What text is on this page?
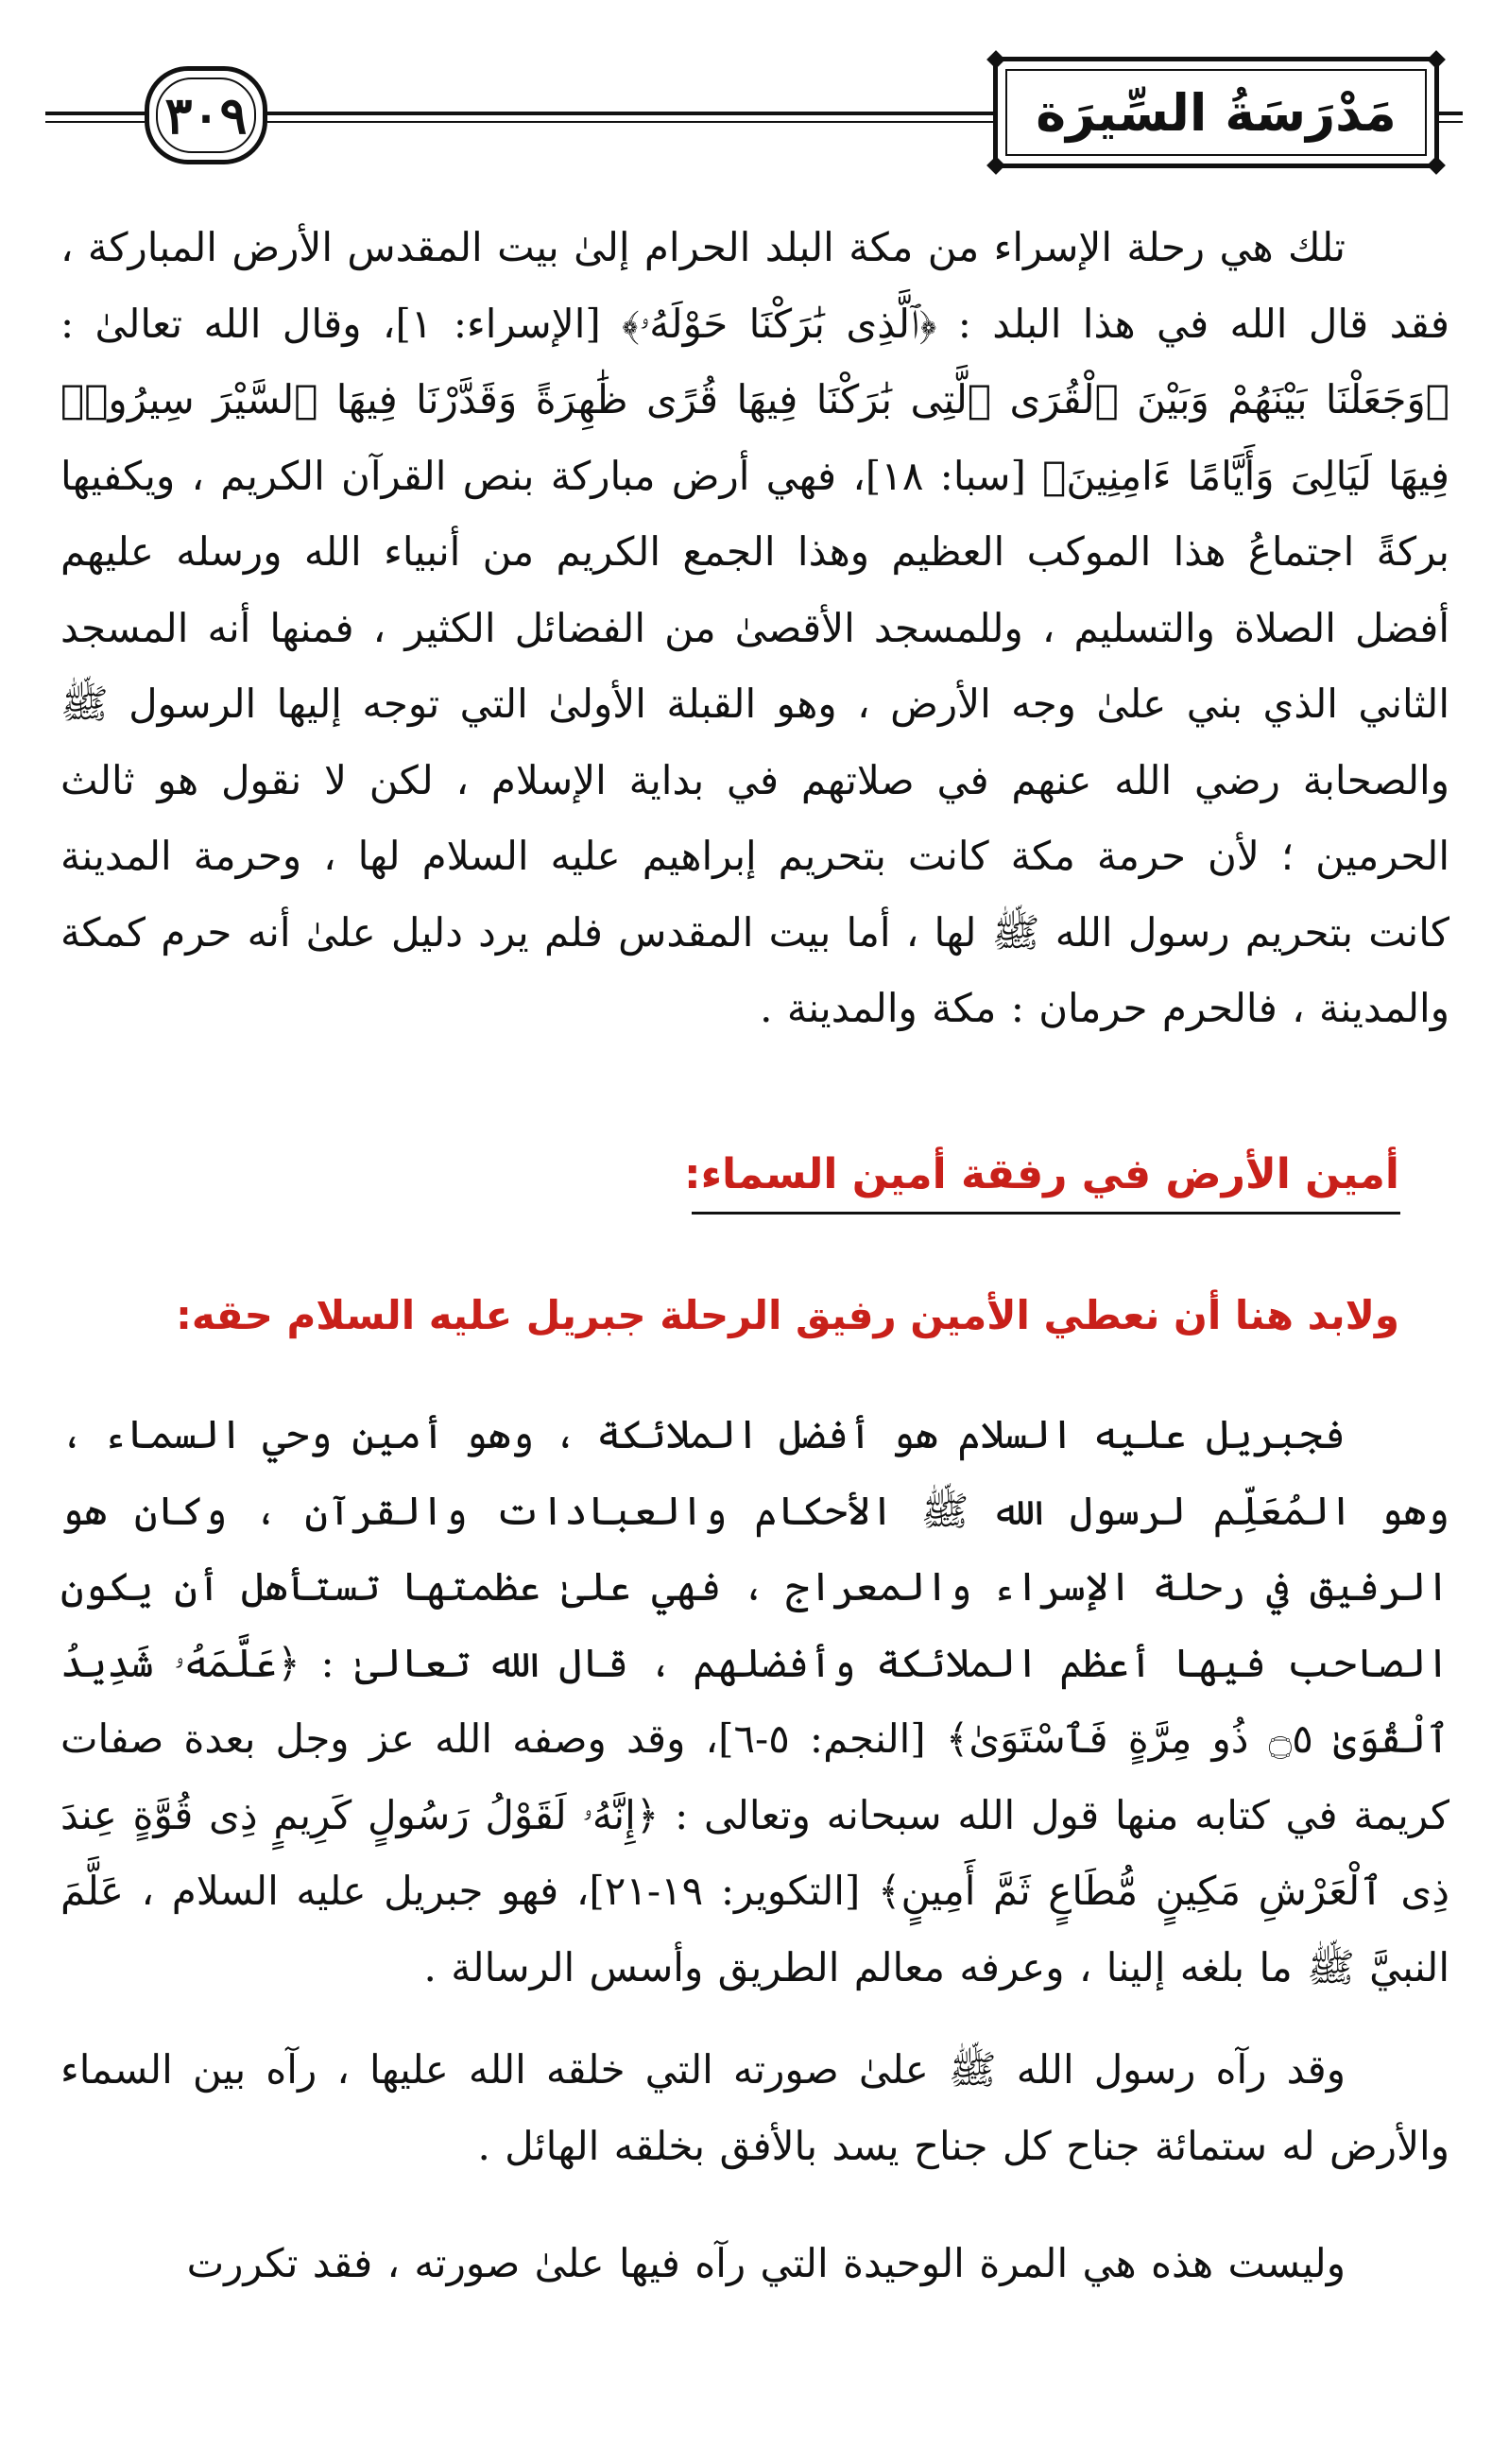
٣٠٩	مَدْرَسَةُ السِّيرَة

تلك هي رحلة الإسراء من مكة البلد الحرام إلىٰ بيت المقدس الأرض المباركة ، فقد قال الله في هذا البلد : ﴿ٱلَّذِى بَٰرَكْنَا حَوْلَهُۥ﴾ [الإسراء: ١]، وقال الله تعالىٰ : ﴿وَجَعَلْنَا بَيْنَهُمْ وَبَيْنَ ٱلْقُرَى ٱلَّتِى بَٰرَكْنَا فِيهَا قُرًى ظَٰهِرَةً وَقَدَّرْنَا فِيهَا ٱلسَّيْرَ سِيرُوا۟ فِيهَا لَيَالِىَ وَأَيَّامًا ءَامِنِينَ﴾ [سبا: ١٨]، فهي أرض مباركة بنص القرآن الكريم ، ويكفيها بركةً اجتماعُ هذا الموكب العظيم وهذا الجمع الكريم من أنبياء الله ورسله عليهم أفضل الصلاة والتسليم ، وللمسجد الأقصىٰ من الفضائل الكثير ، فمنها أنه المسجد الثاني الذي بني علىٰ وجه الأرض ، وهو القبلة الأولىٰ التي توجه إليها الرسول ﷺ والصحابة رضي الله عنهم في صلاتهم في بداية الإسلام ، لكن لا نقول هو ثالث الحرمين ؛ لأن حرمة مكة كانت بتحريم إبراهيم عليه السلام لها ، وحرمة المدينة كانت بتحريم رسول الله ﷺ لها ، أما بيت المقدس فلم يرد دليل علىٰ أنه حرم كمكة والمدينة ، فالحرم حرمان : مكة والمدينة .

أمين الأرض في رفقة أمين السماء:
ولابد هنا أن نعطي الأمين رفيق الرحلة جبريل عليه السلام حقه:

فجبريل عليه السلام هو أفضل الملائكة ، وهو أمين وحي السماء ، وهو المُعَلِّم لرسول الله ﷺ الأحكام والعبادات والقرآن ، وكان هو الرفيق في رحلة الإسراء والمعراج ، فهي علىٰ عظمتها تستأهل أن يكون الصاحب فيها أعظم الملائكة وأفضلهم ، قال الله تعالىٰ : ﴿عَلَّمَهُۥ شَدِيدُ ٱلْقُوَىٰ ۝٥ ذُو مِرَّةٍ فَٱسْتَوَىٰ﴾ [النجم: ٥-٦]، وقد وصفه الله عز وجل بعدة صفات كريمة في كتابه منها قول الله سبحانه وتعالى : ﴿إِنَّهُۥ لَقَوْلُ رَسُولٍ كَرِيمٍ ذِى قُوَّةٍ عِندَ ذِى ٱلْعَرْشِ مَكِينٍ مُّطَاعٍ ثَمَّ أَمِينٍ﴾ [التكوير: ١٩-٢١]، فهو جبريل عليه السلام ، عَلَّمَ النبيَّ ﷺ ما بلغه إلينا ، وعرفه معالم الطريق وأسس الرسالة .

وقد رآه رسول الله ﷺ علىٰ صورته التي خلقه الله عليها ، رآه بين السماء والأرض له ستمائة جناح كل جناح يسد بالأفق بخلقه الهائل .

وليست هذه هي المرة الوحيدة التي رآه فيها علىٰ صورته ، فقد تكررت
